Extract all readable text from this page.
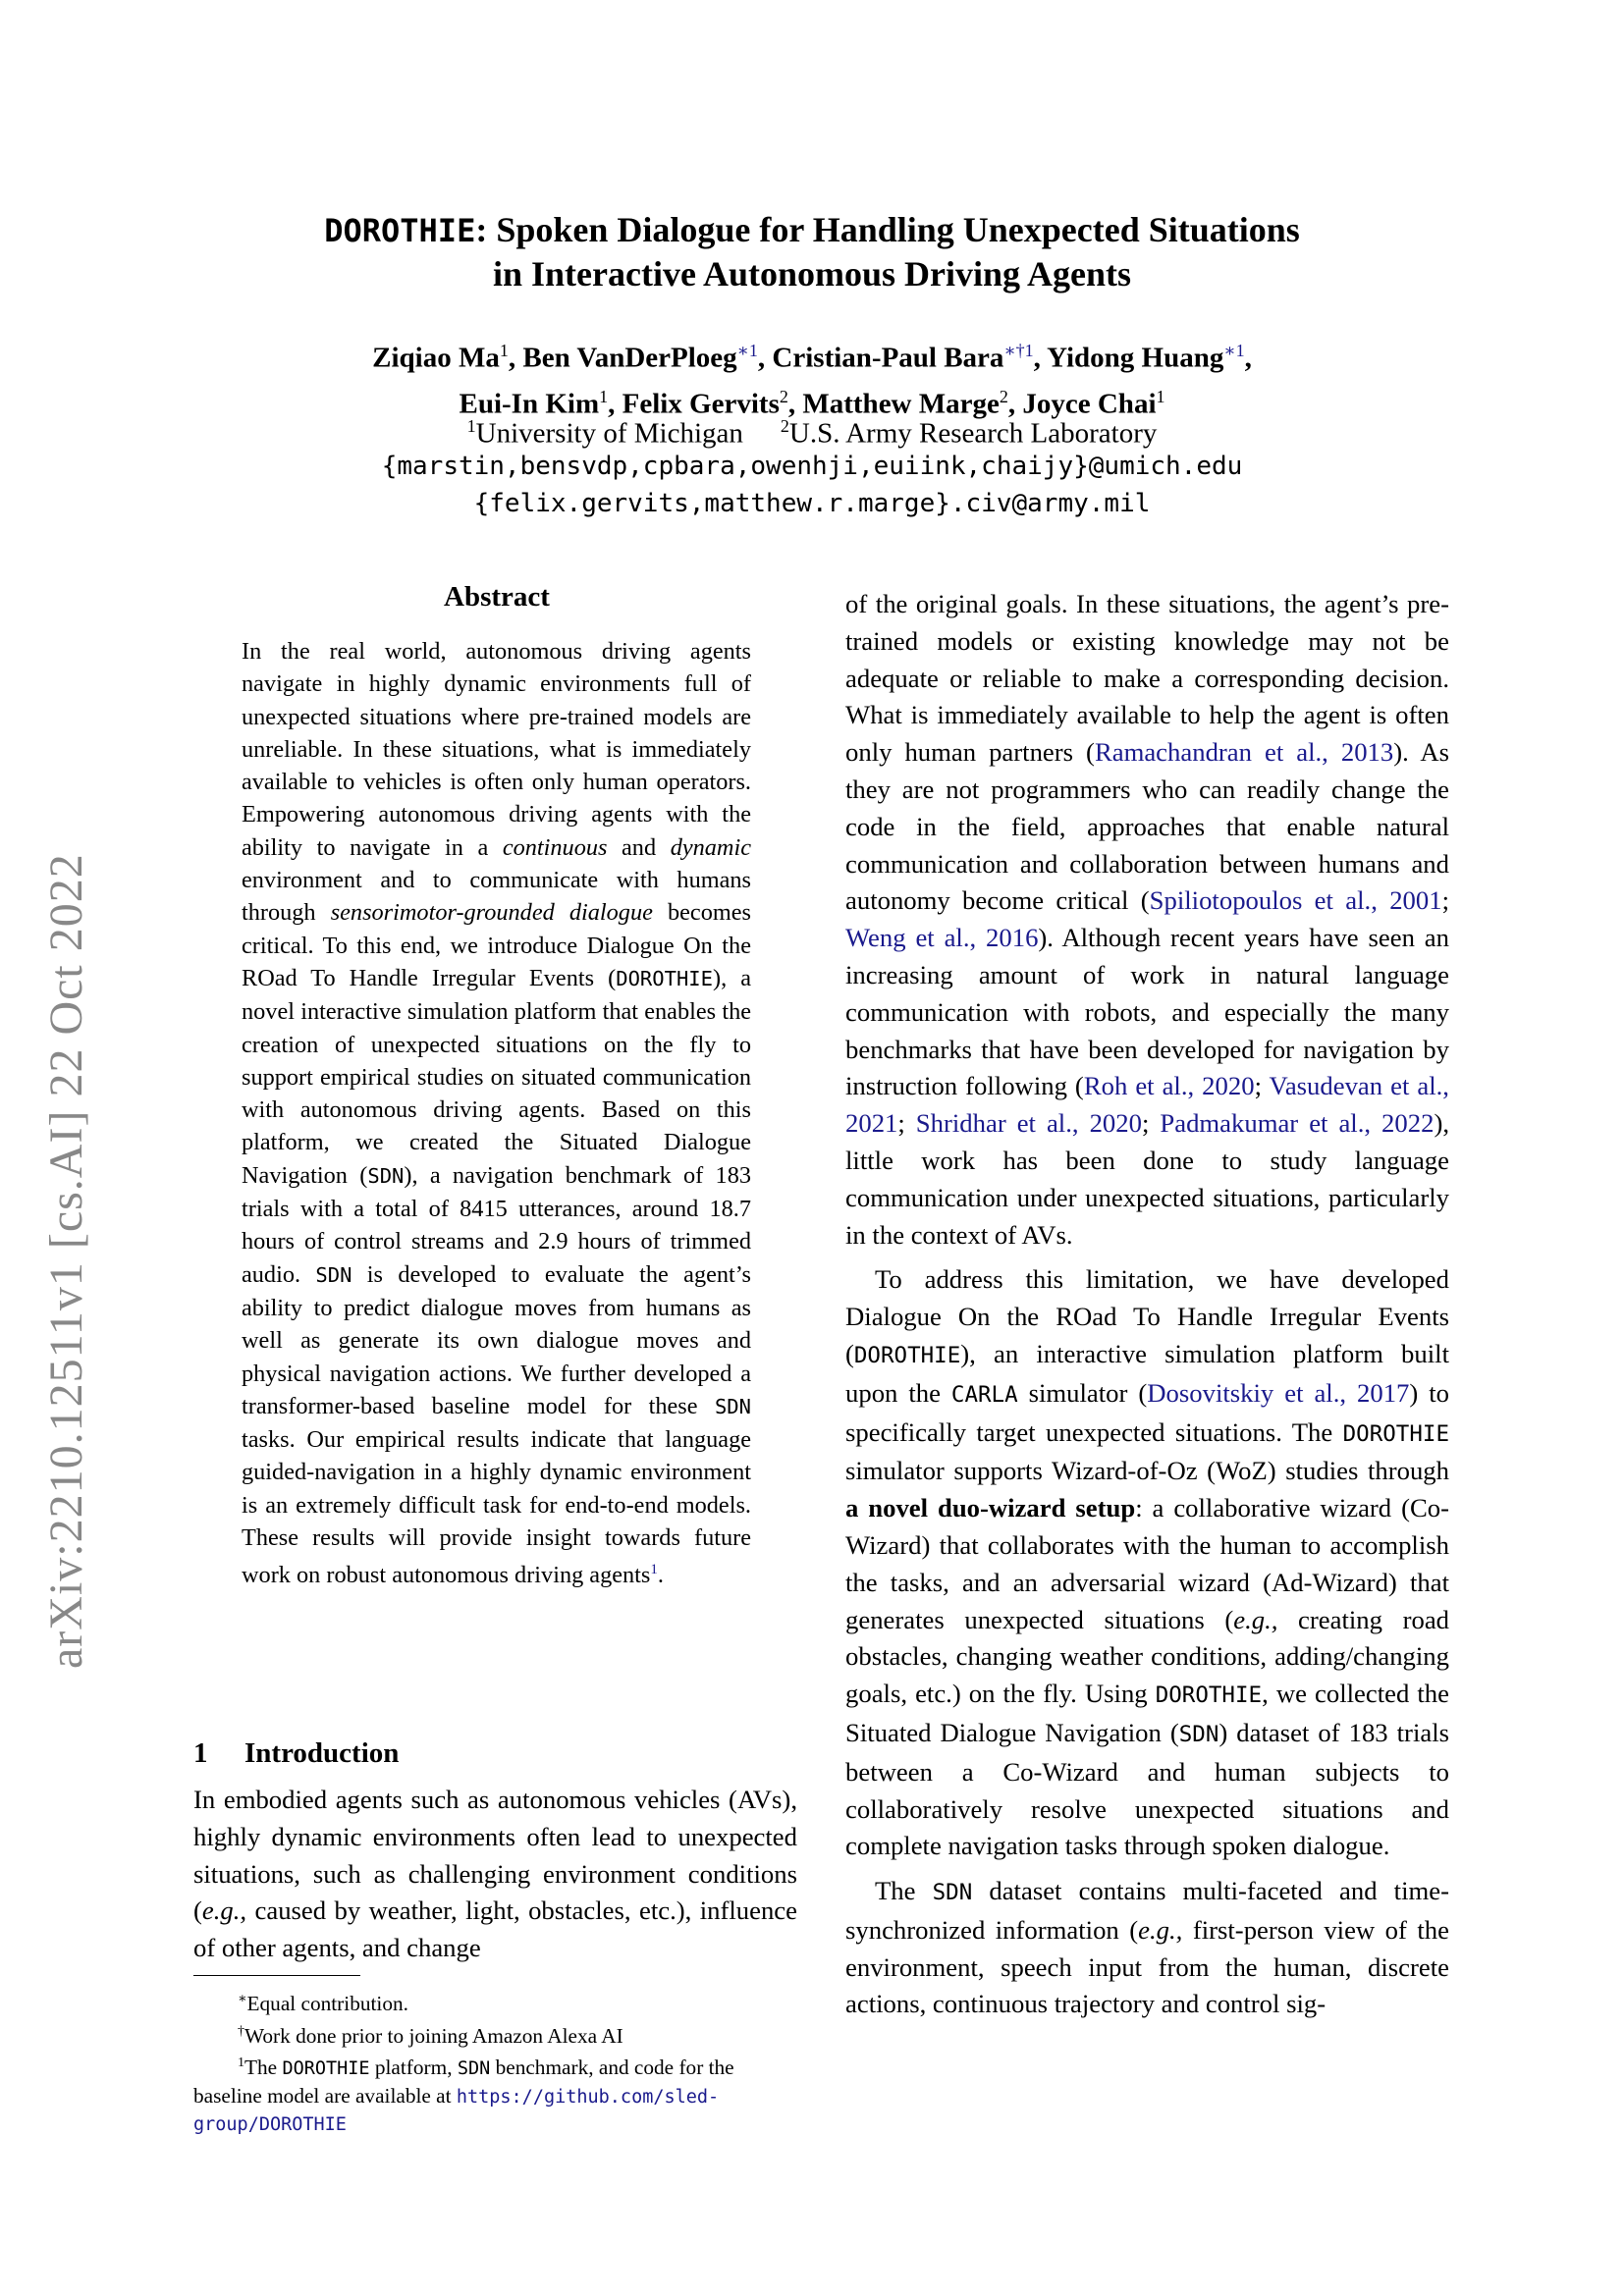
arXiv:2210.12511v1 [cs.AI] 22 Oct 2022
DOROTHIE: Spoken Dialogue for Handling Unexpected Situations
in Interactive Autonomous Driving Agents
Ziqiao Ma$^1$, Ben VanDerPloeg$^{∗1}$, Cristian-Paul Bara$^{∗\dagger 1}$, Yidong Huang$^{∗1}$,
Eui-In Kim$^1$, Felix Gervits$^2$, Matthew Marge$^2$, Joyce Chai$^1$
$^1$University of Michigan $^2$U.S. Army Research Laboratory
{marstin,bensvdp,cpbara,owenhji,euiink,chaijy}@umich.edu
{felix.gervits,matthew.r.marge}.civ@army.mil
Abstract
In the real world, autonomous driving agents navigate in highly dynamic environments full of unexpected situations where pre-trained models are unreliable. In these situations, what is immediately available to vehicles is often only human operators. Empowering autonomous driving agents with the ability to navigate in a continuous and dynamic environment and to communicate with humans through sensorimotor-grounded dialogue becomes critical. To this end, we introduce Dialogue On the ROad To Handle Irregular Events (DOROTHIE), a novel interactive simulation platform that enables the creation of unexpected situations on the fly to support empirical studies on situated communication with autonomous driving agents. Based on this platform, we created the Situated Dialogue Navigation (SDN), a navigation benchmark of 183 trials with a total of 8415 utterances, around 18.7 hours of control streams and 2.9 hours of trimmed audio. SDN is developed to evaluate the agent’s ability to predict dialogue moves from humans as well as generate its own dialogue moves and physical navigation actions. We further developed a transformer-based baseline model for these SDN tasks. Our empirical results indicate that language guided-navigation in a highly dynamic environment is an extremely difficult task for end-to-end models. These results will provide insight towards future work on robust autonomous driving agents$^1$.
1 Introduction
In embodied agents such as autonomous vehicles (AVs), highly dynamic environments often lead to unexpected situations, such as challenging environment conditions (e.g., caused by weather, light, obstacles, etc.), influence of other agents, and change

∗Equal contribution.

†Work done prior to joining Amazon Alexa AI

$^1$The DOROTHIE platform, SDN benchmark, and code for the baseline model are available at https://github.com/sled-group/DOROTHIE

of the original goals. In these situations, the agent’s pre-trained models or existing knowledge may not be adequate or reliable to make a corresponding decision. What is immediately available to help the agent is often only human partners (Ramachandran et al., 2013). As they are not programmers who can readily change the code in the field, approaches that enable natural communication and collaboration between humans and autonomy become critical (Spiliotopoulos et al., 2001; Weng et al., 2016). Although recent years have seen an increasing amount of work in natural language communication with robots, and especially the many benchmarks that have been developed for navigation by instruction following (Roh et al., 2020; Vasudevan et al., 2021; Shridhar et al., 2020; Padmakumar et al., 2022), little work has been done to study language communication under unexpected situations, particularly in the context of AVs.

To address this limitation, we have developed Dialogue On the ROad To Handle Irregular Events (DOROTHIE), an interactive simulation platform built upon the CARLA simulator (Dosovitskiy et al., 2017) to specifically target unexpected situations. The DOROTHIE simulator supports Wizard-of-Oz (WoZ) studies through a novel duo-wizard setup: a collaborative wizard (Co-Wizard) that collaborates with the human to accomplish the tasks, and an adversarial wizard (Ad-Wizard) that generates unexpected situations (e.g., creating road obstacles, changing weather conditions, adding/changing goals, etc.) on the fly. Using DOROTHIE, we collected the Situated Dialogue Navigation (SDN) dataset of 183 trials between a Co-Wizard and human subjects to collaboratively resolve unexpected situations and complete navigation tasks through spoken dialogue.

The SDN dataset contains multi-faceted and time-synchronized information (e.g., first-person view of the environment, speech input from the human, discrete actions, continuous trajectory and control sig-
